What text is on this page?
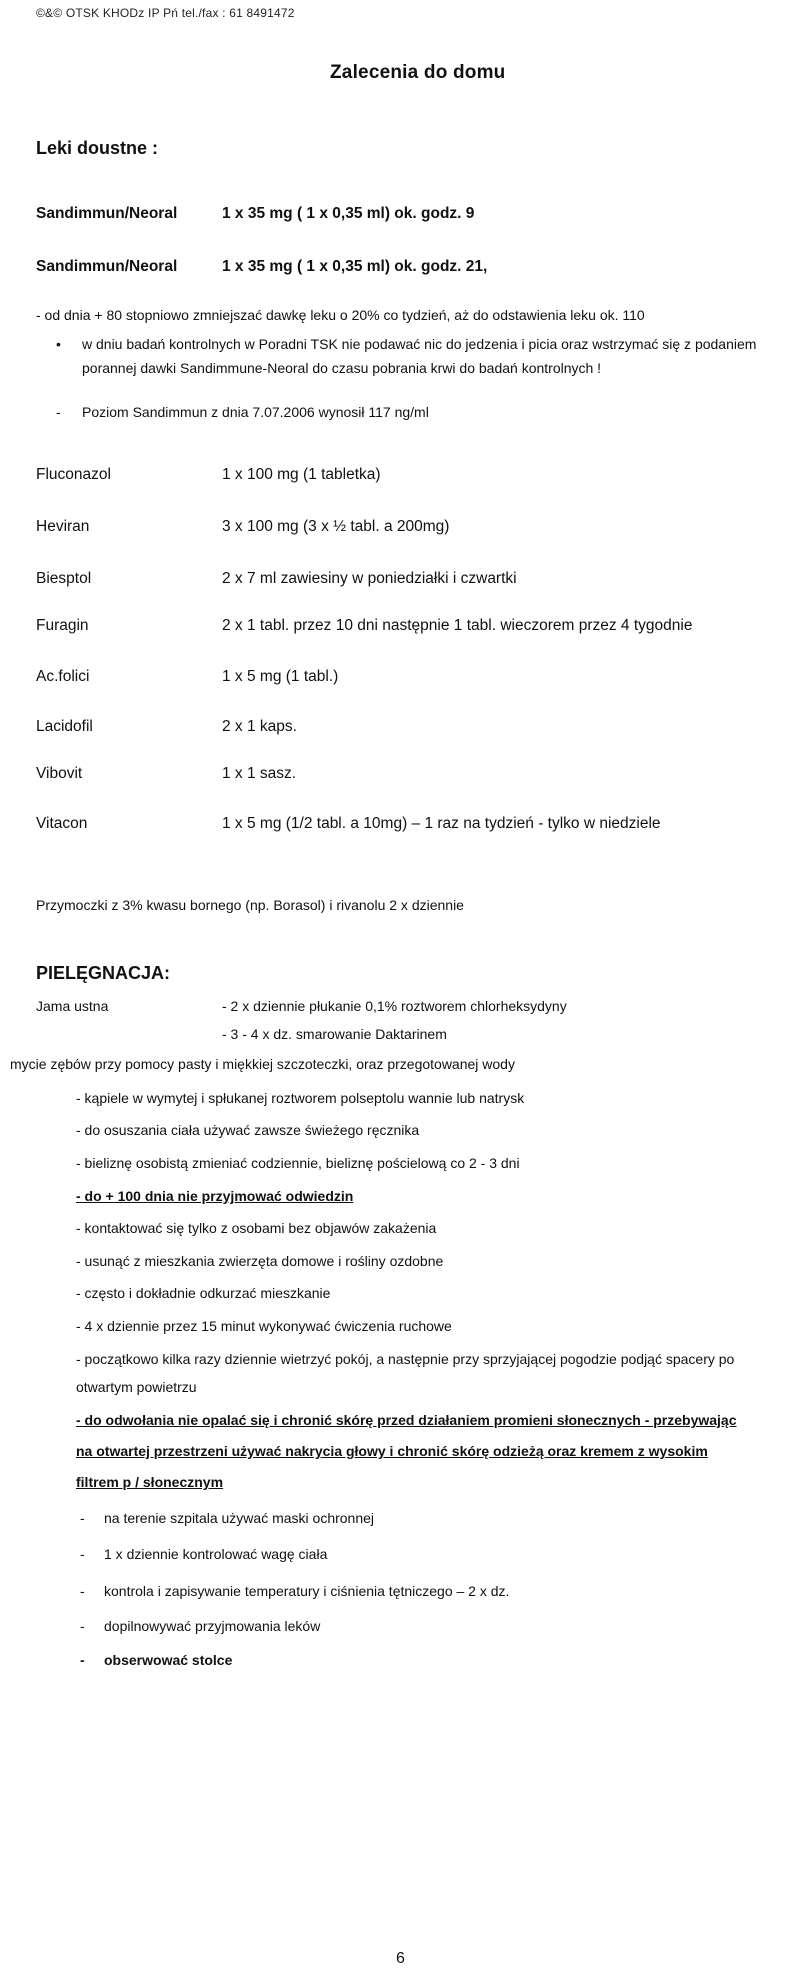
©&© OTSK KHODz IP Pń tel./fax : 61 8491472
Zalecenia do domu
Leki doustne :
Sandimmun/Neoral	1 x 35 mg ( 1 x 0,35 ml) ok. godz. 9
Sandimmun/Neoral	1 x 35 mg ( 1 x 0,35 ml) ok. godz. 21,
- od dnia + 80 stopniowo zmniejszać dawkę leku o 20% co tydzień, aż do odstawienia leku ok. 110
• w dniu badań kontrolnych w Poradni TSK nie podawać nic do jedzenia i picia oraz wstrzymać się z podaniem
porannej dawki Sandimmune-Neoral do czasu pobrania krwi do badań kontrolnych !
- Poziom Sandimmun z dnia 7.07.2006 wynosił 117 ng/ml
Fluconazol	1 x 100 mg (1 tabletka)
Heviran	3 x 100 mg (3 x ½ tabl. a 200mg)
Biesptol	2 x 7 ml zawiesiny w poniedziałki i czwartki
Furagin	2 x 1 tabl. przez 10 dni następnie 1 tabl. wieczorem przez 4 tygodnie
Ac.folici	1 x 5 mg (1 tabl.)
Lacidofil	2 x 1 kaps.
Vibovit	1 x 1 sasz.
Vitacon	1 x 5 mg (1/2 tabl. a 10mg) – 1 raz na tydzień - tylko w niedziele
Przymoczki z 3% kwasu bornego (np. Borasol) i rivanolu 2 x dziennie
PIELĘGNACJA:
Jama ustna	- 2 x dziennie płukanie 0,1% roztworem chlorheksydyny
- 3 - 4 x dz. smarowanie Daktarinem
mycie zębów przy pomocy pasty i miękkiej szczoteczki, oraz przegotowanej wody
- kąpiele w wymytej i spłukanej roztworem polseptolu wannie lub natrysk
- do osuszania ciała używać zawsze świeżego ręcznika
- bieliznę osobistą zmieniać codziennie, bieliznę pościelową co 2 - 3 dni
- do + 100 dnia nie przyjmować odwiedzin
- kontaktować się tylko z osobami bez objawów zakażenia
- usunąć z mieszkania zwierzęta domowe i rośliny ozdobne
- często i dokładnie odkurzać mieszkanie
- 4 x dziennie przez 15 minut wykonywać ćwiczenia ruchowe
- początkowo kilka razy dziennie wietrzyć pokój, a następnie przy sprzyjającej pogodzie podjąć spacery po
otwartym powietrzu
- do odwołania nie opalać się i chronić skórę przed działaniem promieni słonecznych - przebywając
na otwartej przestrzeni używać nakrycia głowy i chronić skórę odzieżą oraz kremem z wysokim
filtrem p / słonecznym
- na terenie szpitala używać maski ochronnej
- 1 x dziennie kontrolować wagę ciała
- kontrola i zapisywanie temperatury i ciśnienia tętniczego – 2 x dz.
- dopilnowywać przyjmowania leków
- obserwować stolce
6
